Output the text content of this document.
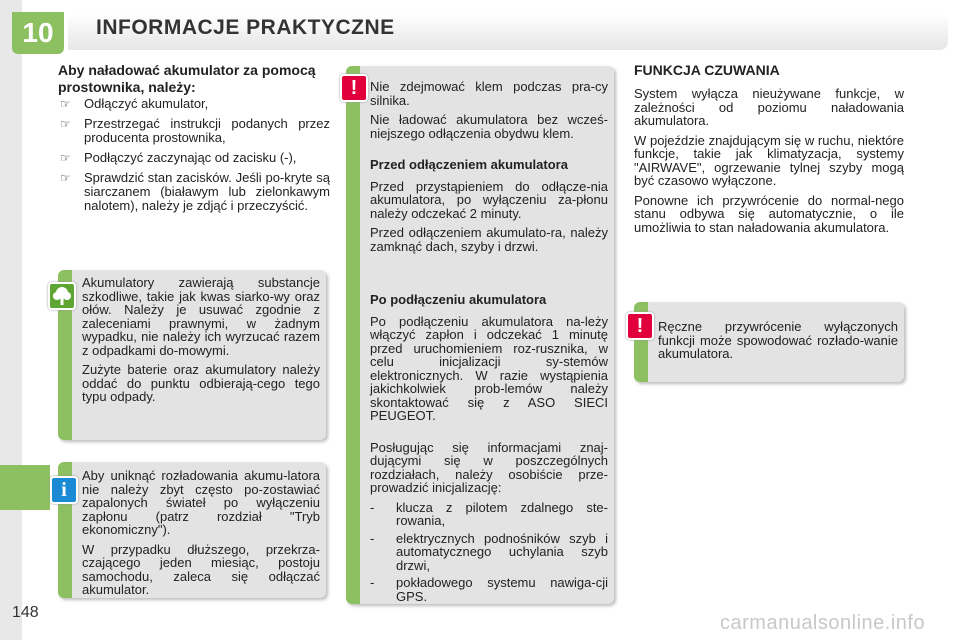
10	INFORMACJE PRAKTYCZNE
Aby naładować akumulator za pomocą prostownika, należy:
☞ Odłączyć akumulator,
☞ Przestrzegać instrukcji podanych przez producenta prostownika,
☞ Podłączyć zaczynając od zacisku (-),
☞ Sprawdzić stan zacisków. Jeśli po-kryte są siarczanem (białawym lub zielonkawym nalotem), należy je zdjąć i przeczyścić.

Akumulatory zawierają substancje szkodliwe, takie jak kwas siarko-wy oraz ołów. Należy je usuwać zgodnie z zaleceniami prawnymi, w żadnym wypadku, nie należy ich wyrzucać razem z odpadkami do-mowymi.

Zużyte baterie oraz akumulatory należy oddać do punktu odbierają-cego tego typu odpady.

i

Aby uniknąć rozładowania akumu-latora nie należy zbyt często po-zostawiać zapalonych świateł po wyłączeniu zapłonu (patrz rozdział "Tryb ekonomiczny").

W przypadku dłuższego, przekrza-czającego jeden miesiąc, postoju samochodu, zaleca się odłączać akumulator.

! Nie zdejmować klem podczas pra-cy silnika.

Nie ładować akumulatora bez wcześ-niejszego odłączenia obydwu klem.

Przed odłączeniem akumulatora

Przed przystąpieniem do odłącze-nia akumulatora, po wyłączeniu za-płonu należy odczekać 2 minuty.

Przed odłączeniem akumulato-ra, należy zamknąć dach, szyby i drzwi.

Po podłączeniu akumulatora

Po podłączeniu akumulatora na-leży włączyć zapłon i odczekać 1 minutę przed uruchomieniem roz-rusznika, w celu inicjalizacji sy-stemów elektronicznych. W razie wystąpienia jakichkolwiek prob-lemów należy skontaktować się z ASO SIECI PEUGEOT.

Posługując się informacjami znaj-dującymi się w poszczególnych rozdziałach, należy osobiście prze-prowadzić inicjalizację:

- klucza z pilotem zdalnego ste-rowania,
- elektrycznych podnośników szyb i automatycznego uchylania szyb drzwi,
- pokładowego systemu nawiga-cji GPS.
FUNKCJA CZUWANIA

System wyłącza nieużywane funkcje, w zależności od poziomu naładowania akumulatora.

W pojeździe znajdującym się w ruchu, niektóre funkcje, takie jak klimatyzacja, systemy "AIRWAVE", ogrzewanie tylnej szyby mogą być czasowo wyłączone.

Ponowne ich przywrócenie do normal-nego stanu odbywa się automatycznie, o ile umożliwia to stan naładowania akumulatora.

!	Ręczne przywrócenie wyłączonych funkcji może spowodować rozłado-wanie akumulatora.
148	carmanualsonline.info
